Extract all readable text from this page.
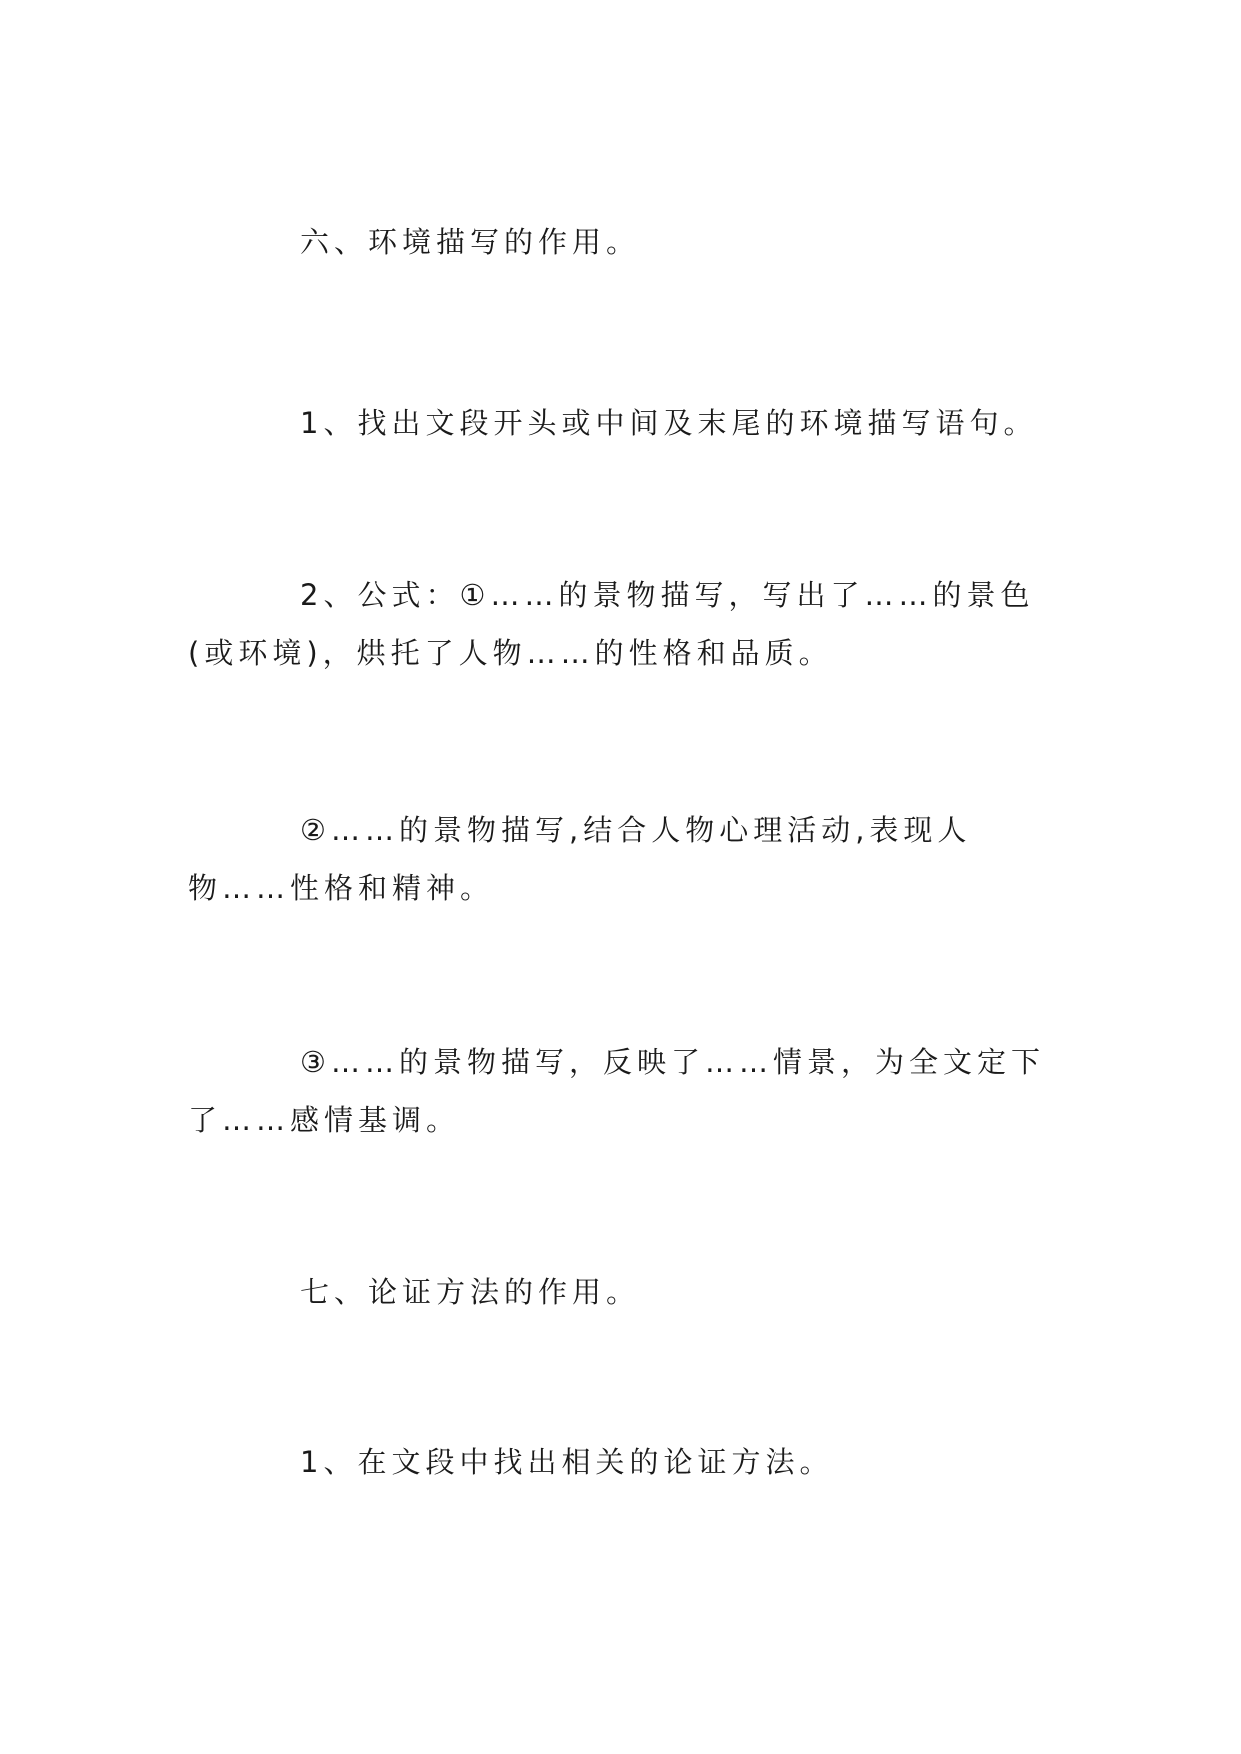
六、环境描写的作用。

1、找出文段开头或中间及末尾的环境描写语句。

2、公式：①……的景物描写，写出了……的景色(或环境)，烘托了人物……的性格和品质。

②……的景物描写,结合人物心理活动,表现人物……性格和精神。

③……的景物描写，反映了……情景，为全文定下了……感情基调。

七、论证方法的作用。

1、在文段中找出相关的论证方法。
